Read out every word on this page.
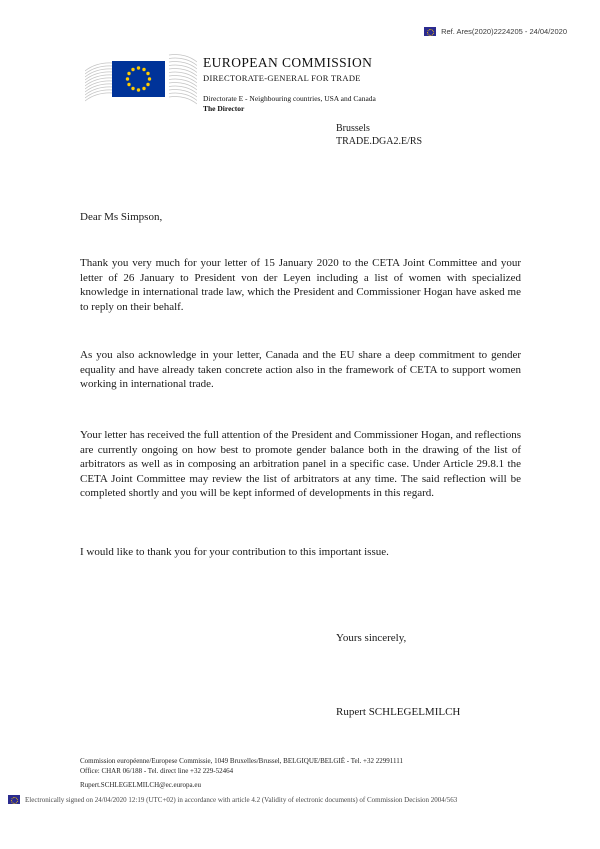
Ref. Ares(2020)2224205 - 24/04/2020
EUROPEAN COMMISSION
DIRECTORATE-GENERAL FOR TRADE
Directorate E - Neighbouring countries, USA and Canada
The Director
Brussels
TRADE.DGA2.E/RS
Dear Ms Simpson,

Thank you very much for your letter of 15 January 2020 to the CETA Joint Committee and your letter of 26 January to President von der Leyen including a list of women with specialized knowledge in international trade law, which the President and Commissioner Hogan have asked me to reply on their behalf.

As you also acknowledge in your letter, Canada and the EU share a deep commitment to gender equality and have already taken concrete action also in the framework of CETA to support women working in international trade.

Your letter has received the full attention of the President and Commissioner Hogan, and reflections are currently ongoing on how best to promote gender balance both in the drawing of the list of arbitrators as well as in composing an arbitration panel in a specific case. Under Article 29.8.1 the CETA Joint Committee may review the list of arbitrators at any time. The said reflection will be completed shortly and you will be kept informed of developments in this regard.

I would like to thank you for your contribution to this important issue.

Yours sincerely,
Rupert SCHLEGELMILCH
Commission européenne/Europese Commissie, 1049 Bruxelles/Brussel, BELGIQUE/BELGIË - Tel. +32 22991111
Office: CHAR 06/188 - Tel. direct line +32 229-52464
Rupert.SCHLEGELMILCH@ec.europa.eu
Electronically signed on 24/04/2020 12:19 (UTC+02) in accordance with article 4.2 (Validity of electronic documents) of Commission Decision 2004/563
